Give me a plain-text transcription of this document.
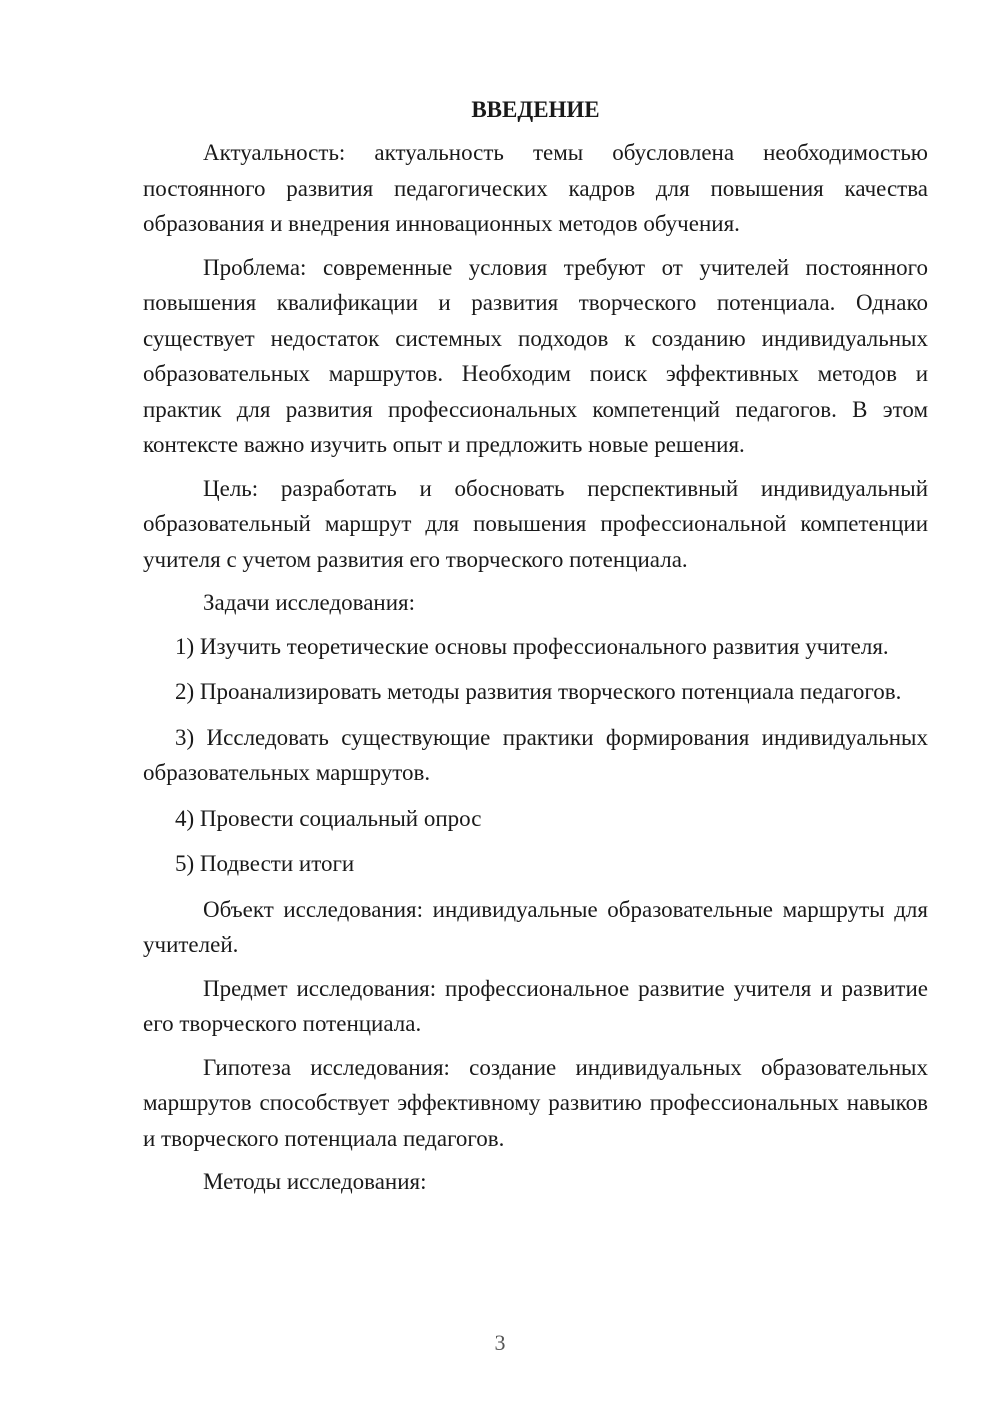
ВВЕДЕНИЕ

Актуальность: актуальность темы обусловлена необходимостью постоянного развития педагогических кадров для повышения качества образования и внедрения инновационных методов обучения.

Проблема: современные условия требуют от учителей постоянного повышения квалификации и развития творческого потенциала. Однако существует недостаток системных подходов к созданию индивидуальных образовательных маршрутов. Необходим поиск эффективных методов и практик для развития профессиональных компетенций педагогов. В этом контексте важно изучить опыт и предложить новые решения.

Цель: разработать и обосновать перспективный индивидуальный образовательный маршрут для повышения профессиональной компетенции учителя с учетом развития его творческого потенциала.

Задачи исследования:

1) Изучить теоретические основы профессионального развития учителя.

2) Проанализировать методы развития творческого потенциала педагогов.

3) Исследовать существующие практики формирования индивидуальных образовательных маршрутов.

4) Провести социальный опрос

5) Подвести итоги

Объект исследования: индивидуальные образовательные маршруты для учителей.

Предмет исследования: профессиональное развитие учителя и развитие его творческого потенциала.

Гипотеза исследования: создание индивидуальных образовательных маршрутов способствует эффективному развитию профессиональных навыков и творческого потенциала педагогов.

Методы исследования:

3
